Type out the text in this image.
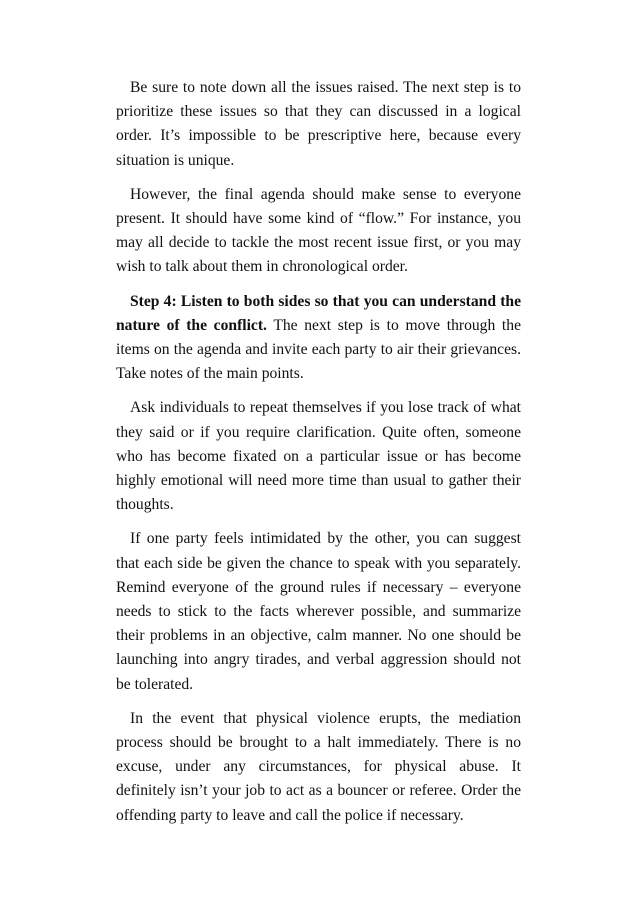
Be sure to note down all the issues raised. The next step is to prioritize these issues so that they can discussed in a logical order. It’s impossible to be prescriptive here, because every situation is unique.

However, the final agenda should make sense to everyone present. It should have some kind of “flow.” For instance, you may all decide to tackle the most recent issue first, or you may wish to talk about them in chronological order.

Step 4: Listen to both sides so that you can understand the nature of the conflict. The next step is to move through the items on the agenda and invite each party to air their grievances. Take notes of the main points.

Ask individuals to repeat themselves if you lose track of what they said or if you require clarification. Quite often, someone who has become fixated on a particular issue or has become highly emotional will need more time than usual to gather their thoughts.

If one party feels intimidated by the other, you can suggest that each side be given the chance to speak with you separately. Remind everyone of the ground rules if necessary – everyone needs to stick to the facts wherever possible, and summarize their problems in an objective, calm manner. No one should be launching into angry tirades, and verbal aggression should not be tolerated.

In the event that physical violence erupts, the mediation process should be brought to a halt immediately. There is no excuse, under any circumstances, for physical abuse. It definitely isn’t your job to act as a bouncer or referee. Order the offending party to leave and call the police if necessary.
